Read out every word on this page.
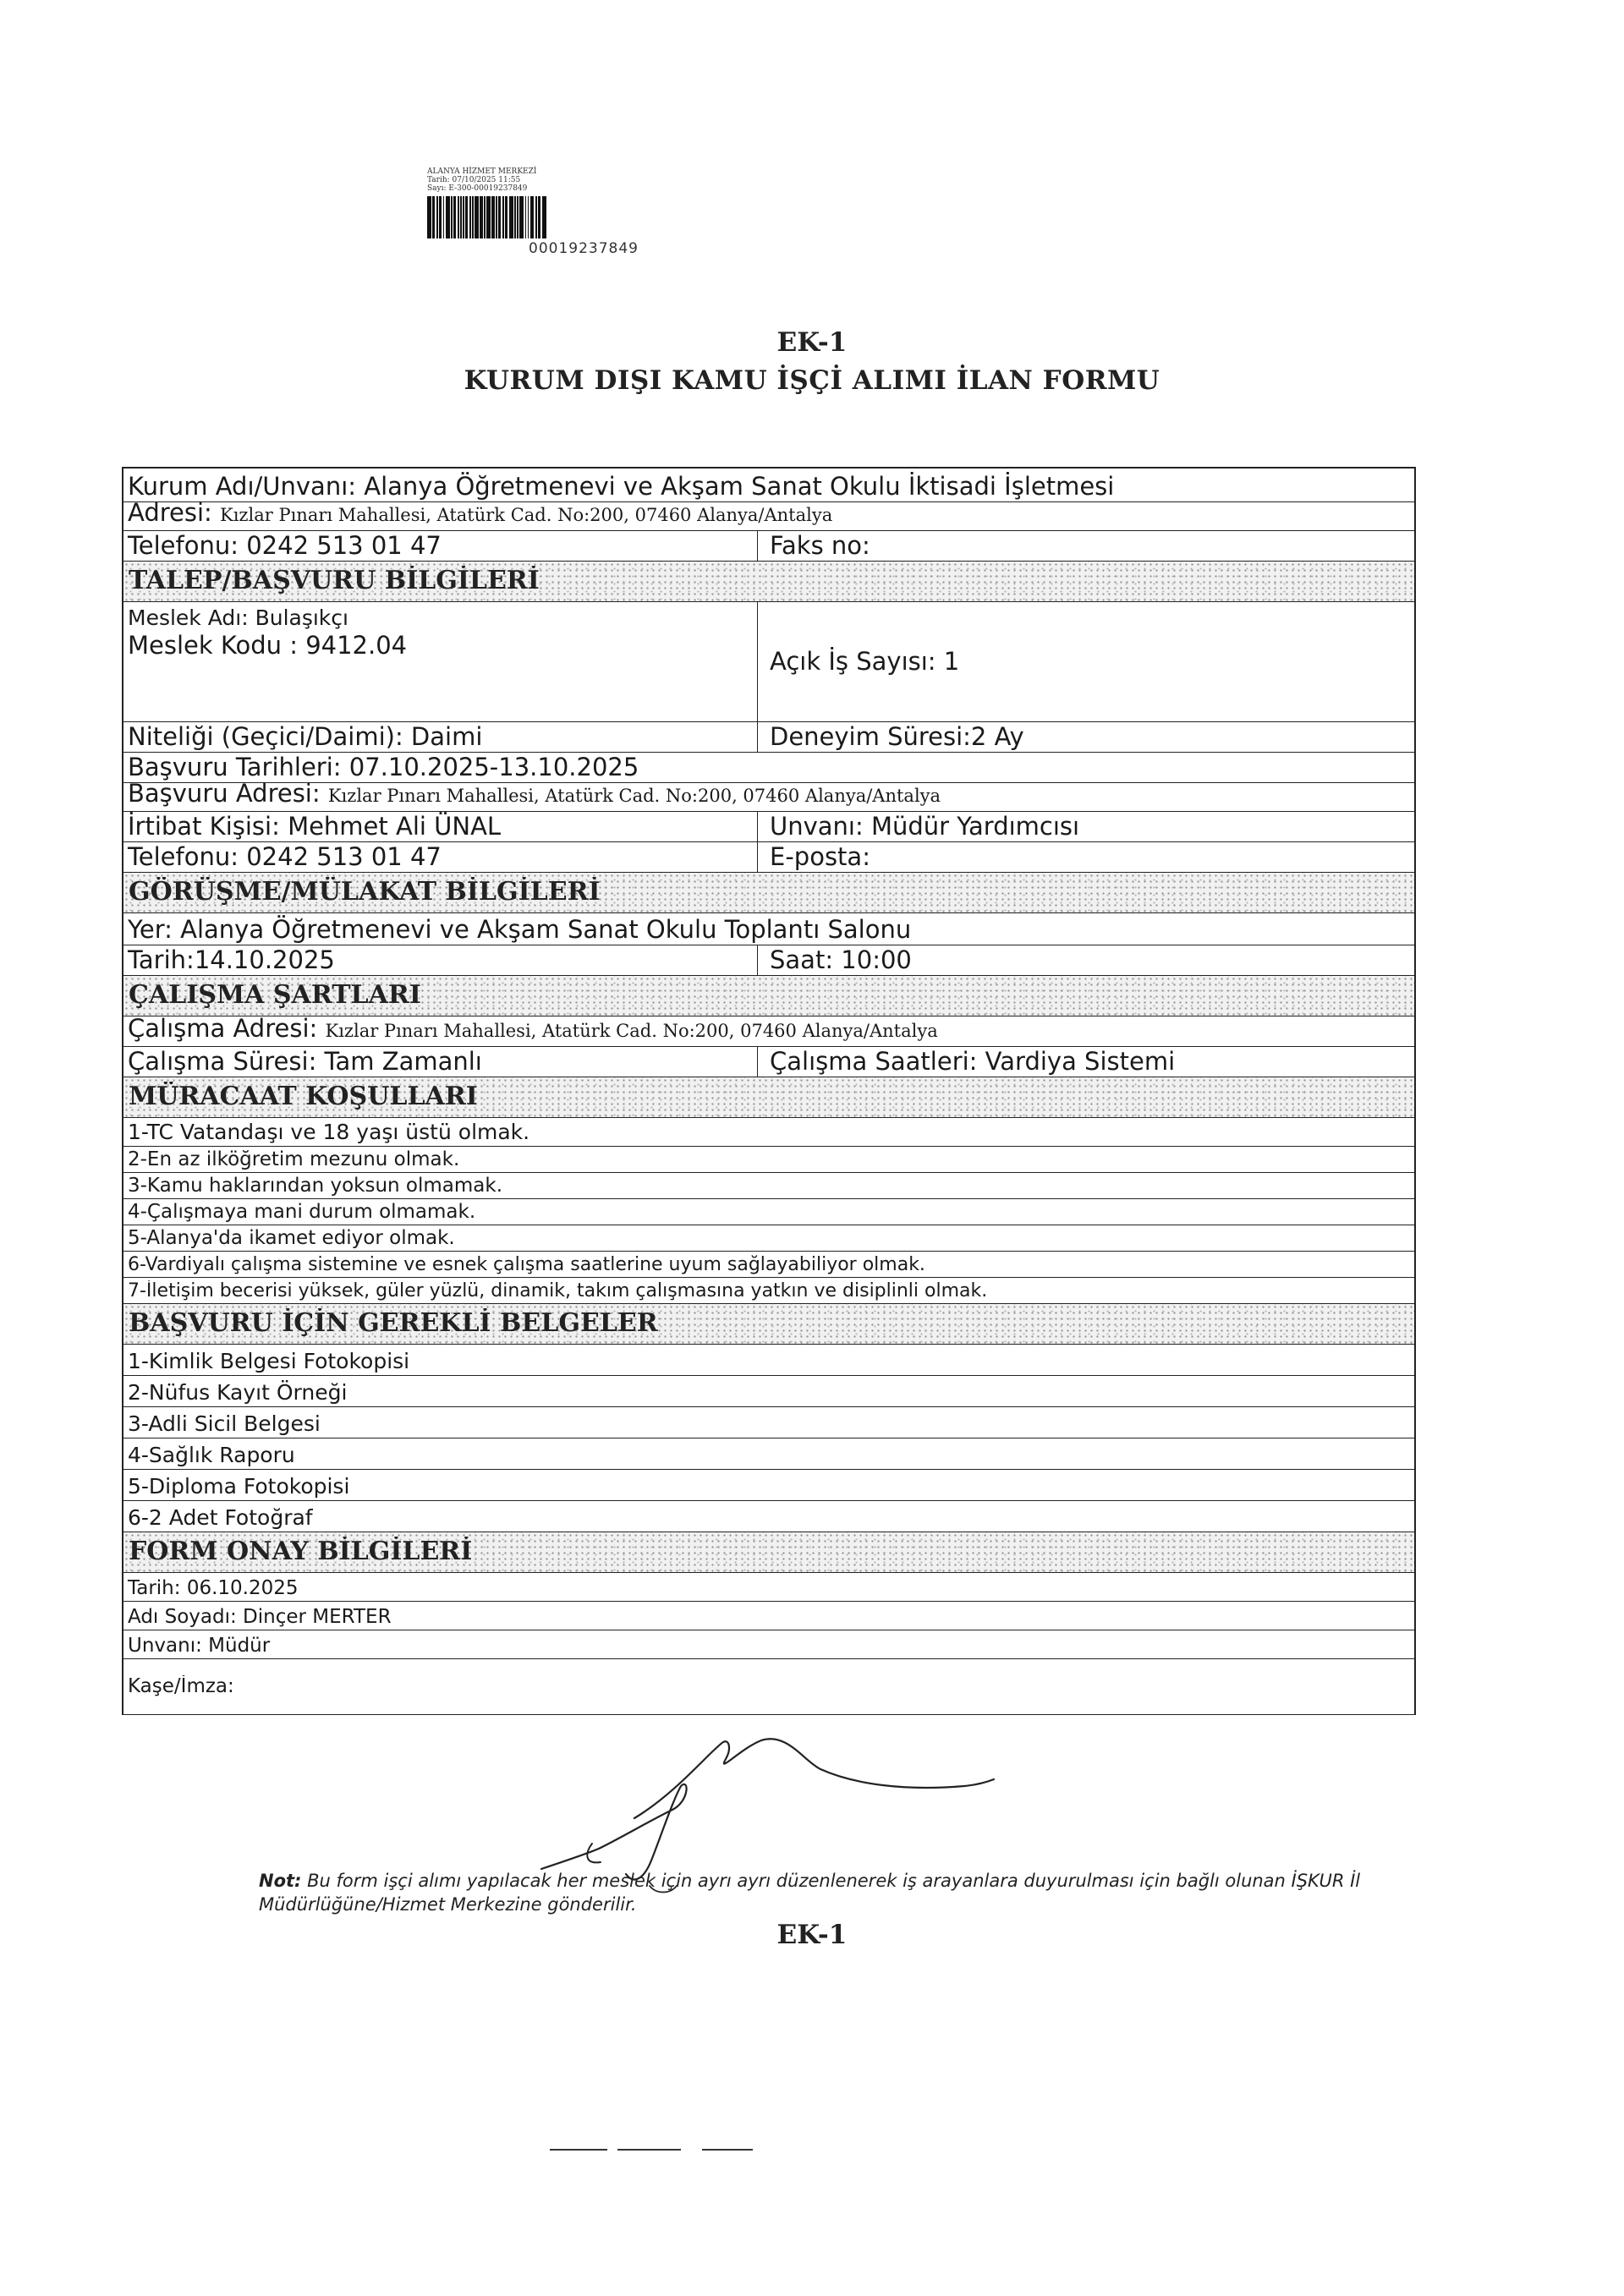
ALANYA HİZMET MERKEZİ
Tarih: 07/10/2025 11:55
Sayı: E-300-00019237849
00019237849
EK-1
KURUM DIŞI KAMU İŞÇİ ALIMI İLAN FORMU
Kurum Adı/Unvanı: Alanya Öğretmenevi ve Akşam Sanat Okulu İktisadi İşletmesi
Adresi: Kızlar Pınarı Mahallesi, Atatürk Cad. No:200, 07460 Alanya/Antalya
Telefonu: 0242 513 01 47	Faks no:
TALEP/BAŞVURU BİLGİLERİ
Meslek Adı: Bulaşıkçı
Meslek Kodu : 9412.04
Açık İş Sayısı: 1
Niteliği (Geçici/Daimi): Daimi	Deneyim Süresi:2 Ay
Başvuru Tarihleri: 07.10.2025-13.10.2025
Başvuru Adresi: Kızlar Pınarı Mahallesi, Atatürk Cad. No:200, 07460 Alanya/Antalya
İrtibat Kişisi: Mehmet Ali ÜNAL	Unvanı: Müdür Yardımcısı
Telefonu: 0242 513 01 47	E-posta:
GÖRÜŞME/MÜLAKAT BİLGİLERİ
Yer: Alanya Öğretmenevi ve Akşam Sanat Okulu Toplantı Salonu
Tarih:14.10.2025	Saat: 10:00
ÇALIŞMA ŞARTLARI
Çalışma Adresi: Kızlar Pınarı Mahallesi, Atatürk Cad. No:200, 07460 Alanya/Antalya
Çalışma Süresi: Tam Zamanlı	Çalışma Saatleri: Vardiya Sistemi
MÜRACAAT KOŞULLARI
1-TC Vatandaşı ve 18 yaşı üstü olmak.
2-En az ilköğretim mezunu olmak.
3-Kamu haklarından yoksun olmamak.
4-Çalışmaya mani durum olmamak.
5-Alanya'da ikamet ediyor olmak.
6-Vardiyalı çalışma sistemine ve esnek çalışma saatlerine uyum sağlayabiliyor olmak.
7-İletişim becerisi yüksek, güler yüzlü, dinamik, takım çalışmasına yatkın ve disiplinli olmak.
BAŞVURU İÇİN GEREKLİ BELGELER
1-Kimlik Belgesi Fotokopisi
2-Nüfus Kayıt Örneği
3-Adli Sicil Belgesi
4-Sağlık Raporu
5-Diploma Fotokopisi
6-2 Adet Fotoğraf
FORM ONAY BİLGİLERİ
Tarih: 06.10.2025
Adı Soyadı: Dinçer MERTER
Unvanı: Müdür
Kaşe/İmza:
Not: Bu form işçi alımı yapılacak her meslek için ayrı ayrı düzenlenerek iş arayanlara duyurulması için bağlı olunan İŞKUR İl Müdürlüğüne/Hizmet Merkezine gönderilir.
EK-1
